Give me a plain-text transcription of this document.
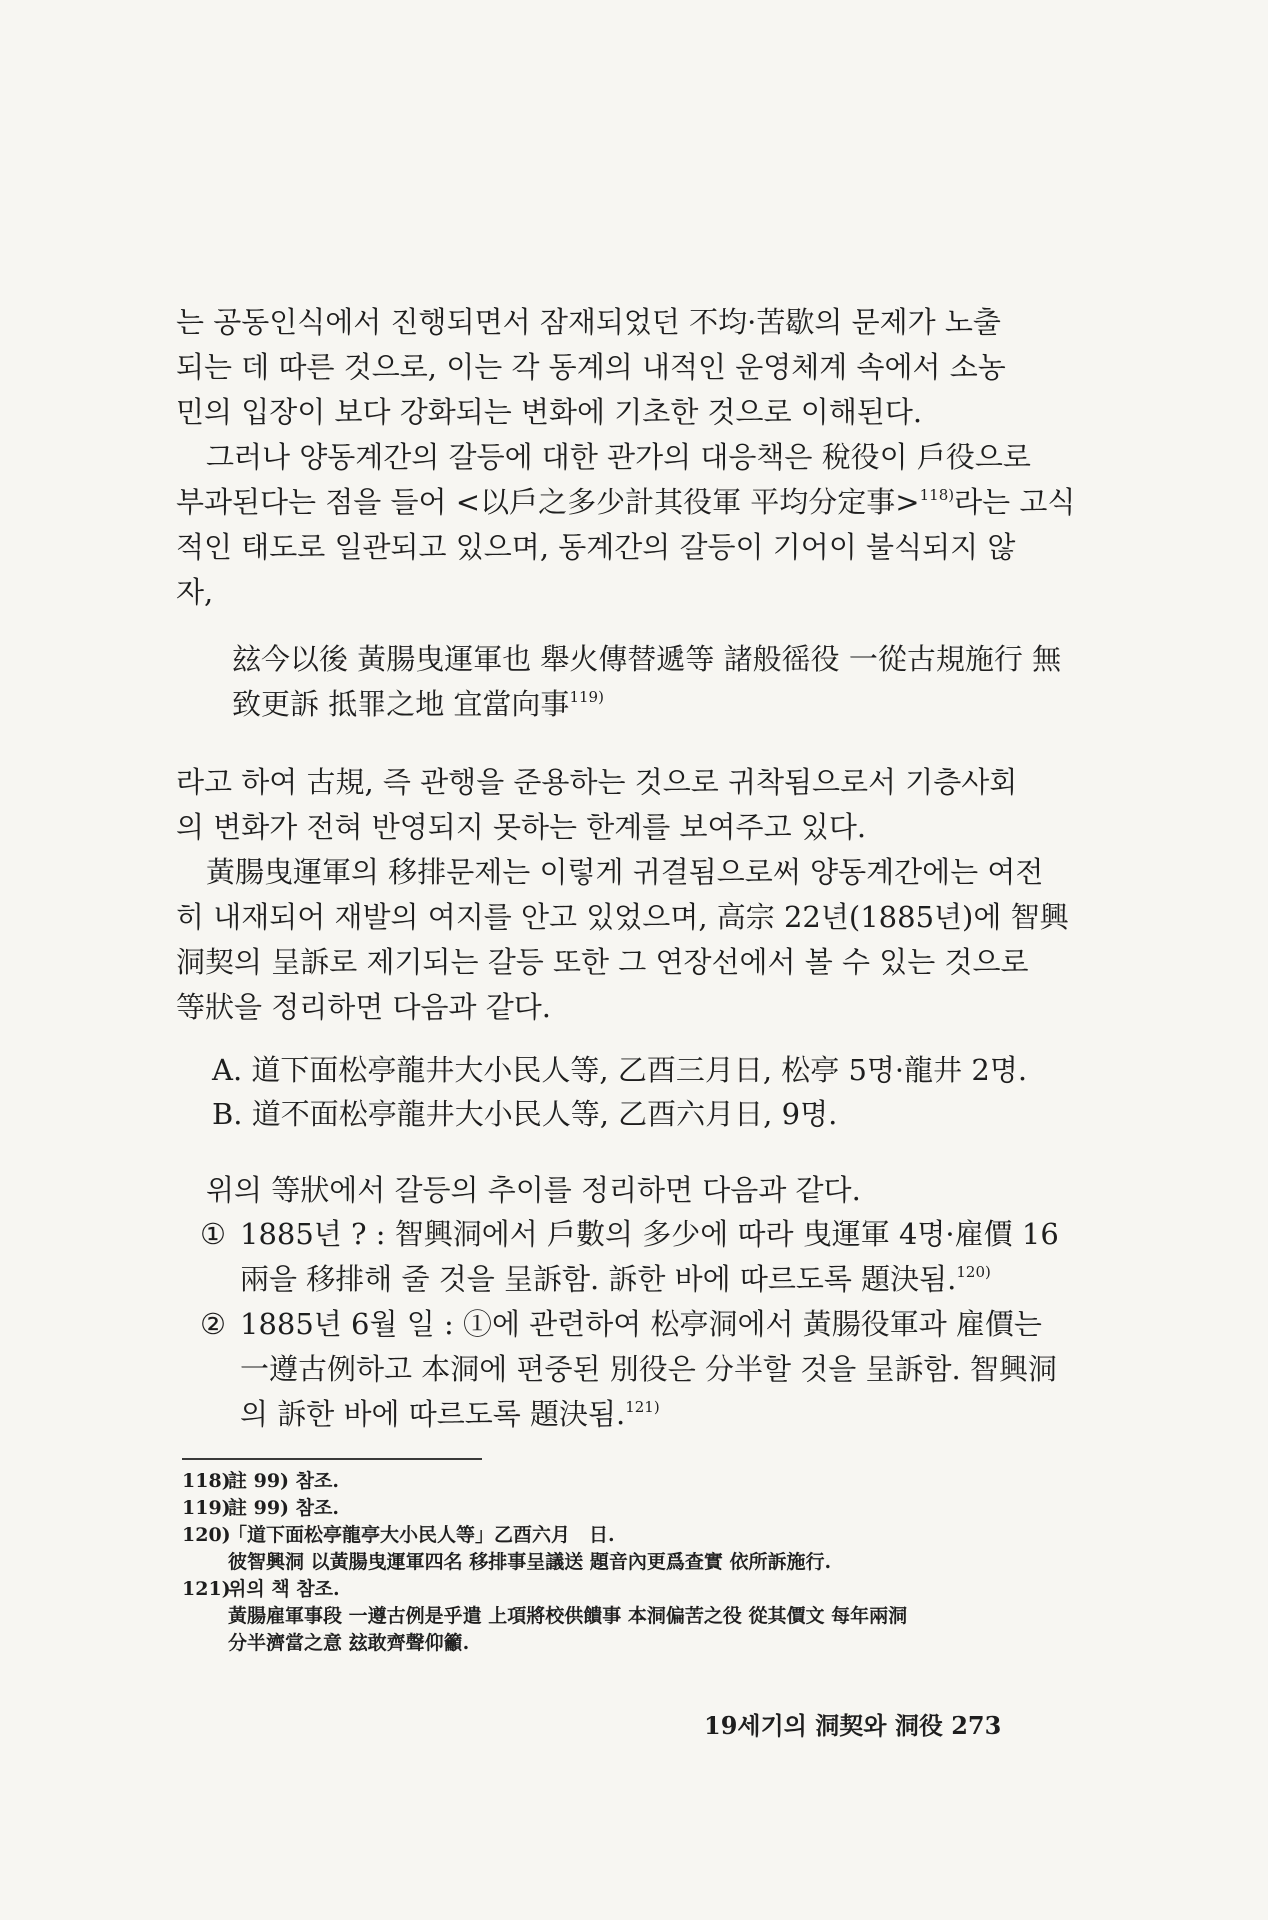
는 공동인식에서 진행되면서 잠재되었던 不均·苦歇의 문제가 노출

되는 데 따른 것으로, 이는 각 동계의 내적인 운영체계 속에서 소농

민의 입장이 보다 강화되는 변화에 기초한 것으로 이해된다.

그러나 양동계간의 갈등에 대한 관가의 대응책은 稅役이 戶役으로

부과된다는 점을 들어 <以戶之多少計其役軍 平均分定事>$^{118)}$라는 고식

적인 태도로 일관되고 있으며, 동계간의 갈등이 기어이 불식되지 않

자,

玆今以後 黃腸曳運軍也 舉火傳替遞等 諸般徭役 一從古規施行 無

致更訴 抵罪之地 宜當向事$^{119)}$

라고 하여 古規, 즉 관행을 준용하는 것으로 귀착됨으로서 기층사회

의 변화가 전혀 반영되지 못하는 한계를 보여주고 있다.

黃腸曳運軍의 移排문제는 이렇게 귀결됨으로써 양동계간에는 여전

히 내재되어 재발의 여지를 안고 있었으며, 高宗 22년(1885년)에 智興

洞契의 呈訴로 제기되는 갈등 또한 그 연장선에서 볼 수 있는 것으로

等狀을 정리하면 다음과 같다.

A. 道下面松亭龍井大小民人等, 乙酉三月日, 松亭 5명·龍井 2명.
B. 道不面松亭龍井大小民人等, 乙酉六月日, 9명.

위의 等狀에서 갈등의 추이를 정리하면 다음과 같다.

① 1885년 ? : 智興洞에서 戶數의 多少에 따라 曳運軍 4명·雇價 16

兩을 移排해 줄 것을 呈訴함. 訴한 바에 따르도록 題決됨.$^{120)}$
② 1885년 6월 일 : ①에 관련하여 松亭洞에서 黃腸役軍과 雇價는

一遵古例하고 本洞에 편중된 別役은 分半할 것을 呈訴함. 智興洞
의 訴한 바에 따르도록 題決됨.$^{121)}$
118)
註 99) 참조.
119)
註 99) 참조.
120)
「道下面松亭龍亭大小民人等」乙酉六月　日.
彼智興洞 以黃腸曳運軍四名 移排事呈議送 題音內更爲查實 依所訴施行.
121)
위의 책 참조.
黃腸雇軍事段 一遵古例是乎遣 上項將校供饋事 本洞偏苦之役 從其價文 每年兩洞
分半濟當之意 玆敢齊聲仰籲.
19세기의 洞契와 洞役 273
